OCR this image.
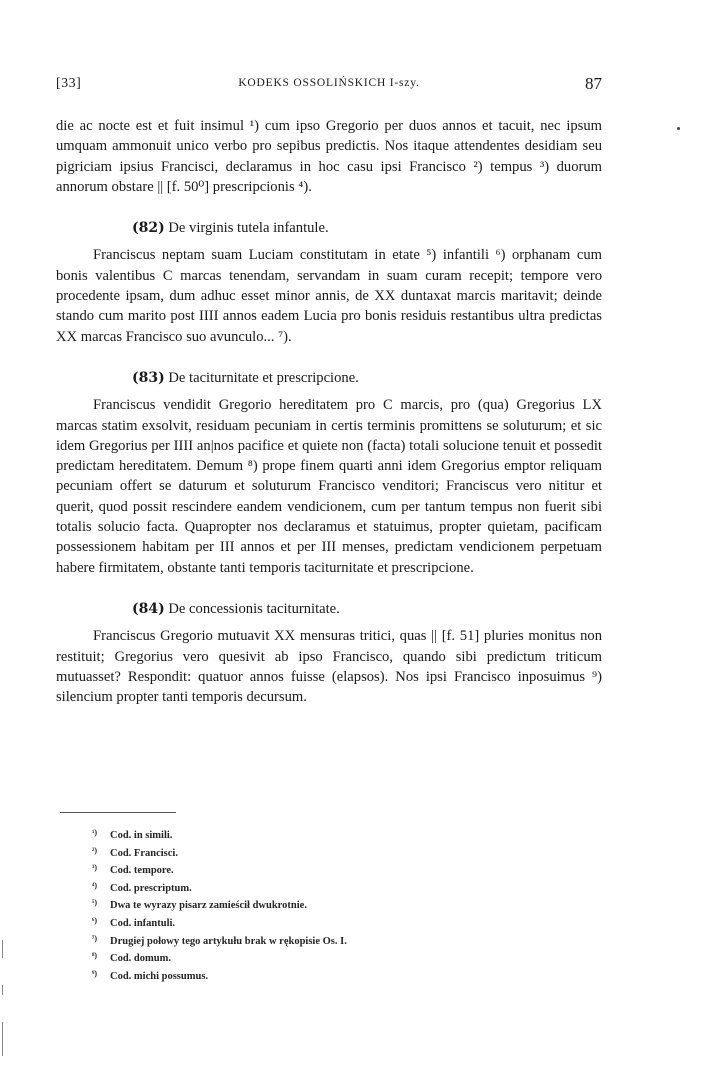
[33]	KODEKS OSSOLIŃSKICH I-szy.	87

die ac nocte est et fuit insimul ¹) cum ipso Gregorio per duos annos et tacuit, nec ipsum umquam ammonuit unico verbo pro sepibus predictis. Nos itaque attendentes desidiam seu pigriciam ipsius Francisci, declaramus in hoc casu ipsi Francisco ²) tempus ³) duorum annorum obstare || [f. 50⁰] prescripcionis ⁴).

(82) De virginis tutela infantule.

Franciscus neptam suam Luciam constitutam in etate ⁵) infantili ⁶) orphanam cum bonis valentibus C marcas tenendam, servandam in suam curam recepit; tempore vero procedente ipsam, dum adhuc esset minor annis, de XX duntaxat marcis maritavit; deinde stando cum marito post IIII annos eadem Lucia pro bonis residuis restantibus ultra predictas XX marcas Francisco suo avunculo... ⁷).

(83) De taciturnitate et prescripcione.

Franciscus vendidit Gregorio hereditatem pro C marcis, pro (qua) Gregorius LX marcas statim exsolvit, residuam pecuniam in certis terminis promittens se soluturum; et sic idem Gregorius per IIII an|nos pacifice et quiete non (facta) totali solucione tenuit et possedit predictam hereditatem. Demum ⁸) prope finem quarti anni idem Gregorius emptor reliquam pecuniam offert se daturum et soluturum Francisco venditori; Franciscus vero nititur et querit, quod possit rescindere eandem vendicionem, cum per tantum tempus non fuerit sibi totalis solucio facta. Quapropter nos declaramus et statuimus, propter quietam, pacificam possessionem habitam per III annos et per III menses, predictam vendicionem perpetuam habere firmitatem, obstante tanti temporis taciturnitate et prescripcione.

(84) De concessionis taciturnitate.

Franciscus Gregorio mutuavit XX mensuras tritici, quas || [f. 51] pluries monitus non restituit; Gregorius vero quesivit ab ipso Francisco, quando sibi predictum triticum mutuasset? Respondit: quatuor annos fuisse (elapsos). Nos ipsi Francisco inposuimus ⁹) silencium propter tanti temporis decursum.

¹) Cod. in simili.
²) Cod. Francisci.
³) Cod. tempore.
⁴) Cod. prescriptum.
⁵) Dwa te wyrazy pisarz zamieścił dwukrotnie.
⁶) Cod. infantuli.
⁷) Drugiej połowy tego artykułu brak w rękopisie Os. I.
⁸) Cod. domum.
⁹) Cod. michi possumus.
